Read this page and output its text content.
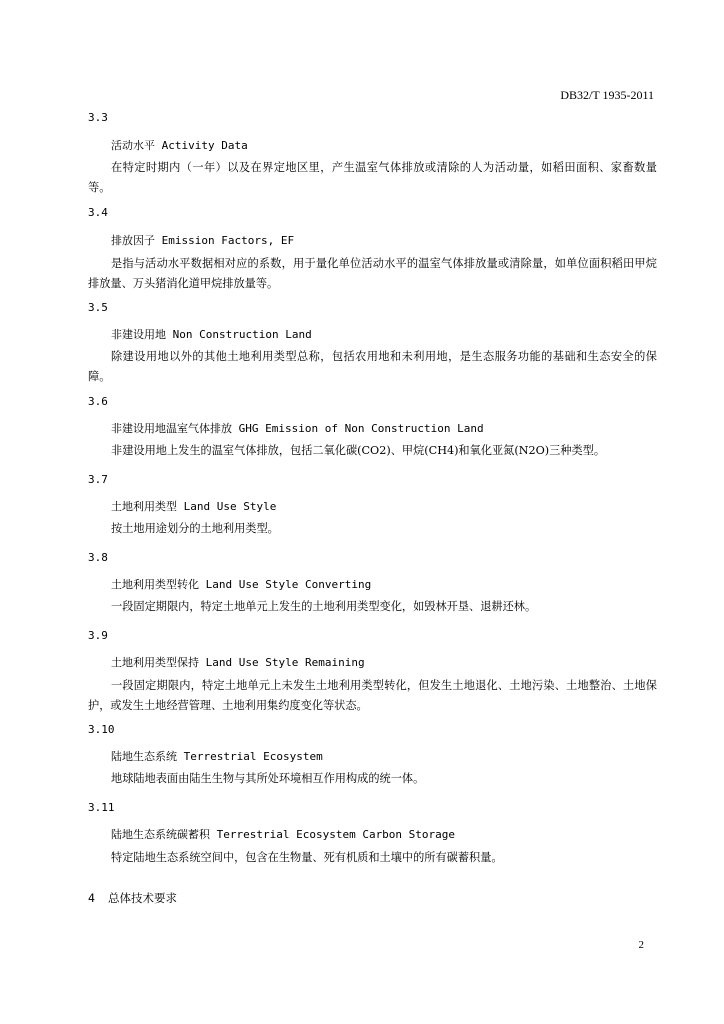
DB32/T 1935-2011
3.3
活动水平 Activity Data
在特定时期内（一年）以及在界定地区里，产生温室气体排放或清除的人为活动量，如稻田面积、家畜数量等。
3.4
排放因子 Emission Factors, EF
是指与活动水平数据相对应的系数，用于量化单位活动水平的温室气体排放量或清除量，如单位面积稻田甲烷排放量、万头猪消化道甲烷排放量等。
3.5
非建设用地 Non Construction Land
除建设用地以外的其他土地利用类型总称，包括农用地和未利用地，是生态服务功能的基础和生态安全的保障。
3.6
非建设用地温室气体排放 GHG Emission of Non Construction Land
非建设用地上发生的温室气体排放，包括二氧化碳(CO2)、甲烷(CH4)和氧化亚氮(N2O)三种类型。
3.7
土地利用类型 Land Use Style
按土地用途划分的土地利用类型。
3.8
土地利用类型转化 Land Use Style Converting
一段固定期限内，特定土地单元上发生的土地利用类型变化，如毁林开垦、退耕还林。
3.9
土地利用类型保持 Land Use Style Remaining
一段固定期限内，特定土地单元上未发生土地利用类型转化，但发生土地退化、土地污染、土地整治、土地保护，或发生土地经营管理、土地利用集约度变化等状态。
3.10
陆地生态系统 Terrestrial Ecosystem
地球陆地表面由陆生生物与其所处环境相互作用构成的统一体。
3.11
陆地生态系统碳蓄积 Terrestrial Ecosystem Carbon Storage
特定陆地生态系统空间中，包含在生物量、死有机质和土壤中的所有碳蓄积量。
4 总体技术要求
2
